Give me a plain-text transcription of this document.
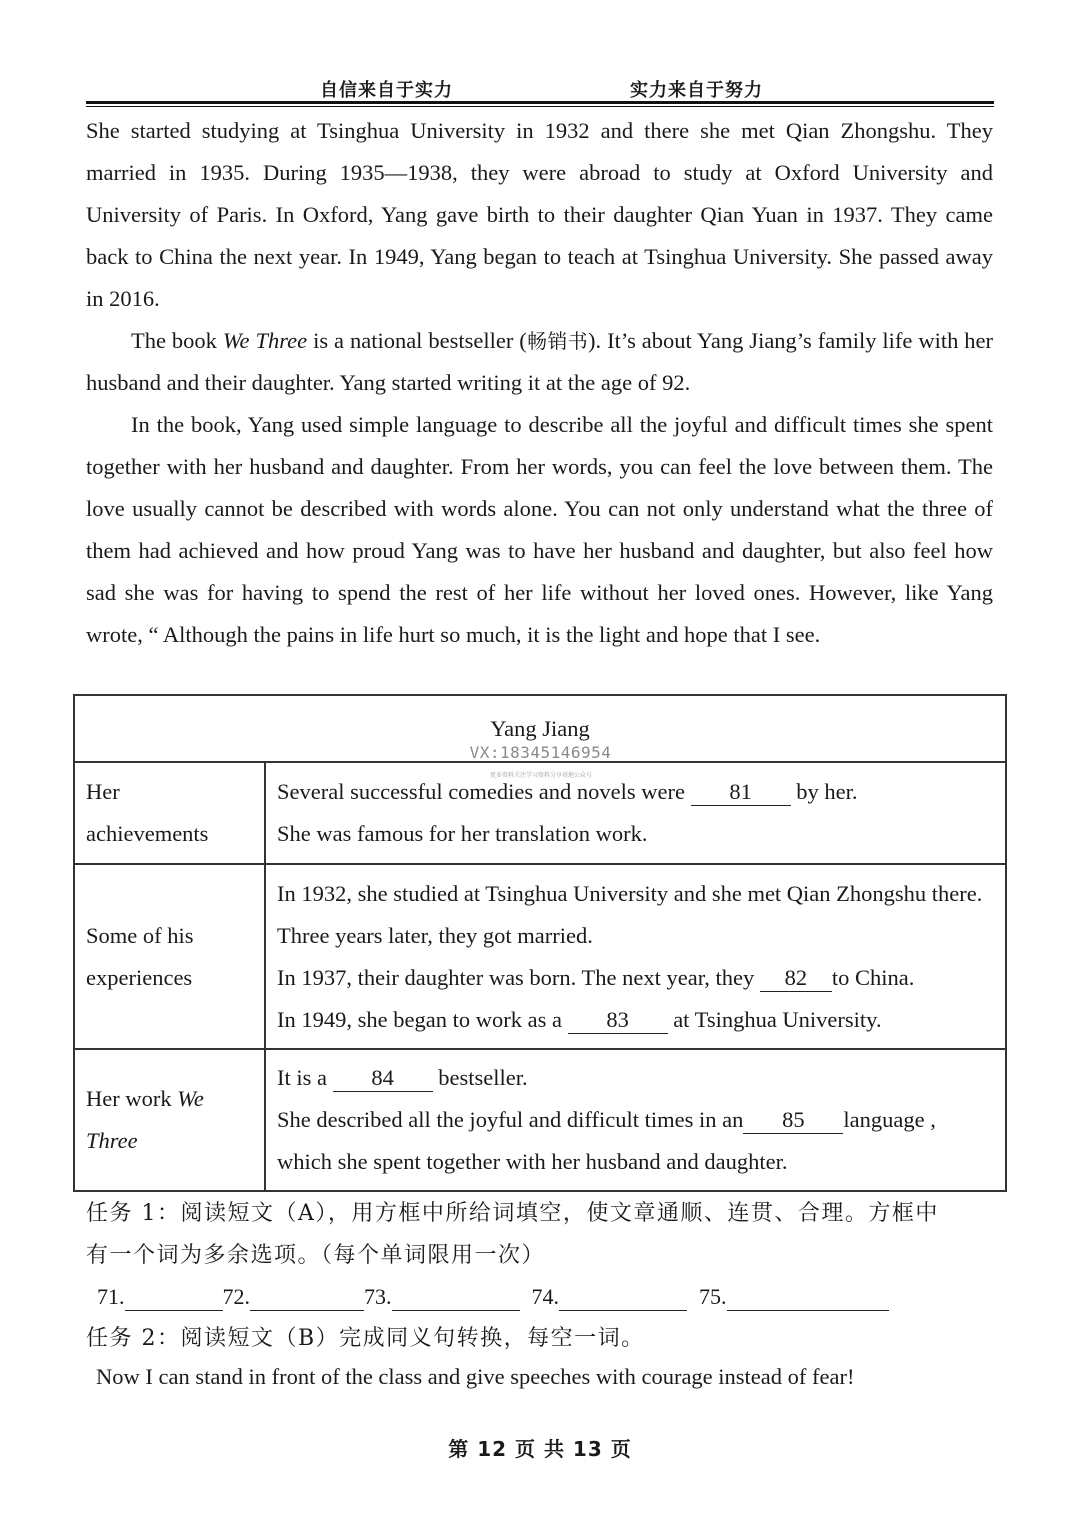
自信来自于实力	实力来自于努力

She started studying at Tsinghua University in 1932 and there she met Qian Zhongshu. They married in 1935. During 1935—1938, they were abroad to study at Oxford University and University of Paris. In Oxford, Yang gave birth to their daughter Qian Yuan in 1937. They came back to China the next year. In 1949, Yang began to teach at Tsinghua University. She passed away in 2016.

The book We Three is a national bestseller (畅销书). It’s about Yang Jiang’s family life with her husband and their daughter. Yang started writing it at the age of 92.

In the book, Yang used simple language to describe all the joyful and difficult times she spent together with her husband and daughter. From her words, you can feel the love between them. The love usually cannot be described with words alone. You can not only understand what the three of them had achieved and how proud Yang was to have her husband and daughter, but also feel how sad she was for having to spend the rest of her life without her loved ones. However, like Yang wrote, “ Although the pains in life hurt so much, it is the light and hope that I see.

Yang Jiang	
Her achievements	Several successful comedies and novels were 81 by her.
She was famous for her translation work.

Some of his experiences	In 1932, she studied at Tsinghua University and she met Qian Zhongshu there. Three years later, they got married.
In 1937, their daughter was born. The next year, they 82 to China.
In 1949, she began to work as a 83 at Tsinghua University.

Her work We Three	It is a 84 bestseller.
She described all the joyful and difficult times in an 85 language ,
which she spent together with her husband and daughter.
VX:18345146954
更多资料关注学习资料分享基地公众号
任务 1：阅读短文（A），用方框中所给词填空，使文章通顺、连贯、合理。方框中
有一个词为多余选项。（每个单词限用一次）
71.	72.	73.	74.	75.
任务 2：阅读短文（B）完成同义句转换，每空一词。
Now I can stand in front of the class and give speeches with courage instead of fear!
第 12 页 共 13 页
